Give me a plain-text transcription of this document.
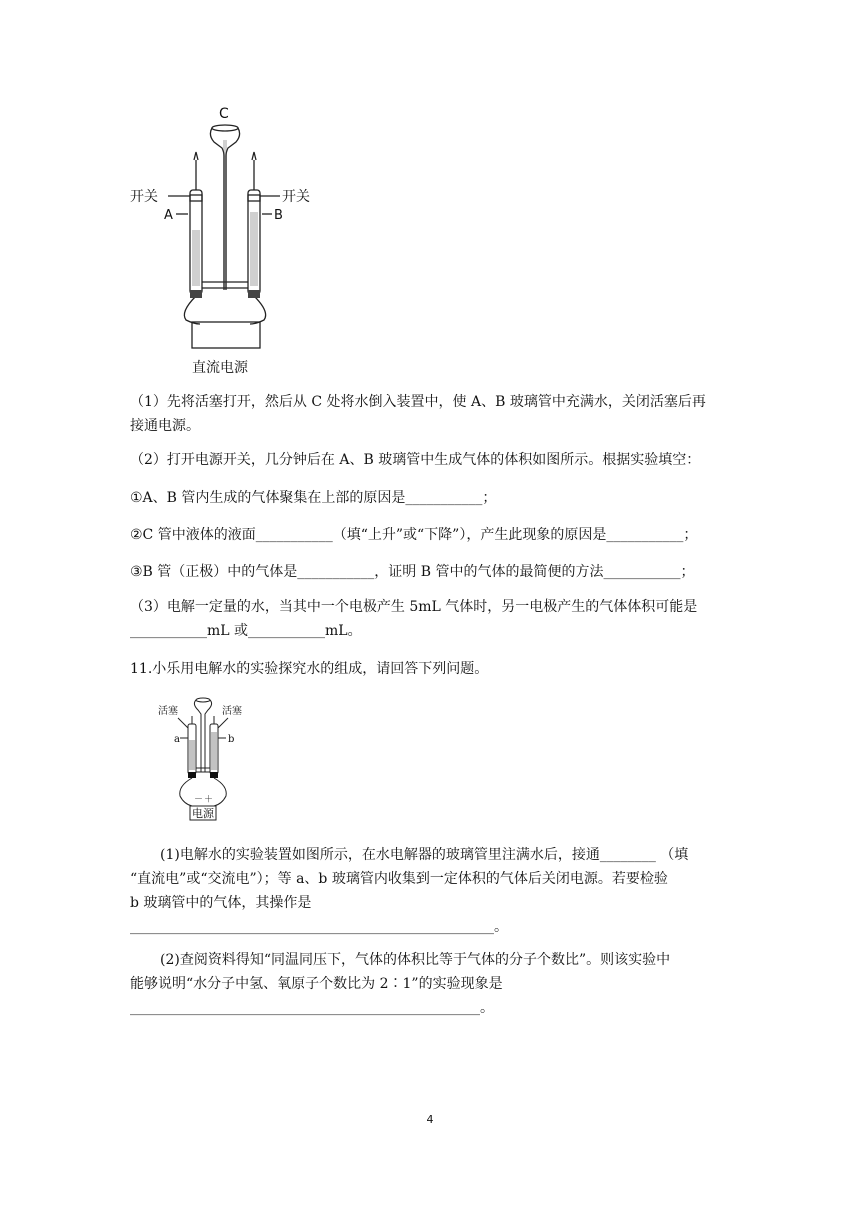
C
开关	开关
A	B
直流电源
（1）先将活塞打开，然后从 C 处将水倒入装置中，使 A、B 玻璃管中充满水，关闭活塞后再
接通电源。
（2）打开电源开关，几分钟后在 A、B 玻璃管中生成气体的体积如图所示。根据实验填空：
①A、B 管内生成的气体聚集在上部的原因是___________；
②C 管中液体的液面___________（填“上升”或“下降”），产生此现象的原因是___________；
③B 管（正极）中的气体是___________，证明 B 管中的气体的最简便的方法___________；
（3）电解一定量的水，当其中一个电极产生 5mL 气体时，另一电极产生的气体体积可能是
___________mL 或___________mL。
11.小乐用电解水的实验探究水的组成，请回答下列问题。
活塞	活塞
a	b
－ ＋
电源
(1)电解水的实验装置如图所示，在水电解器的玻璃管里注满水后，接通________ （填
“直流电”或“交流电”）；等 a、b 玻璃管内收集到一定体积的气体后关闭电源。若要检验
b 玻璃管中的气体，其操作是
____________________________________________________。
(2)查阅资料得知“同温同压下，气体的体积比等于气体的分子个数比”。则该实验中
能够说明“水分子中氢、氧原子个数比为 2∶1”的实验现象是
__________________________________________________。
4
